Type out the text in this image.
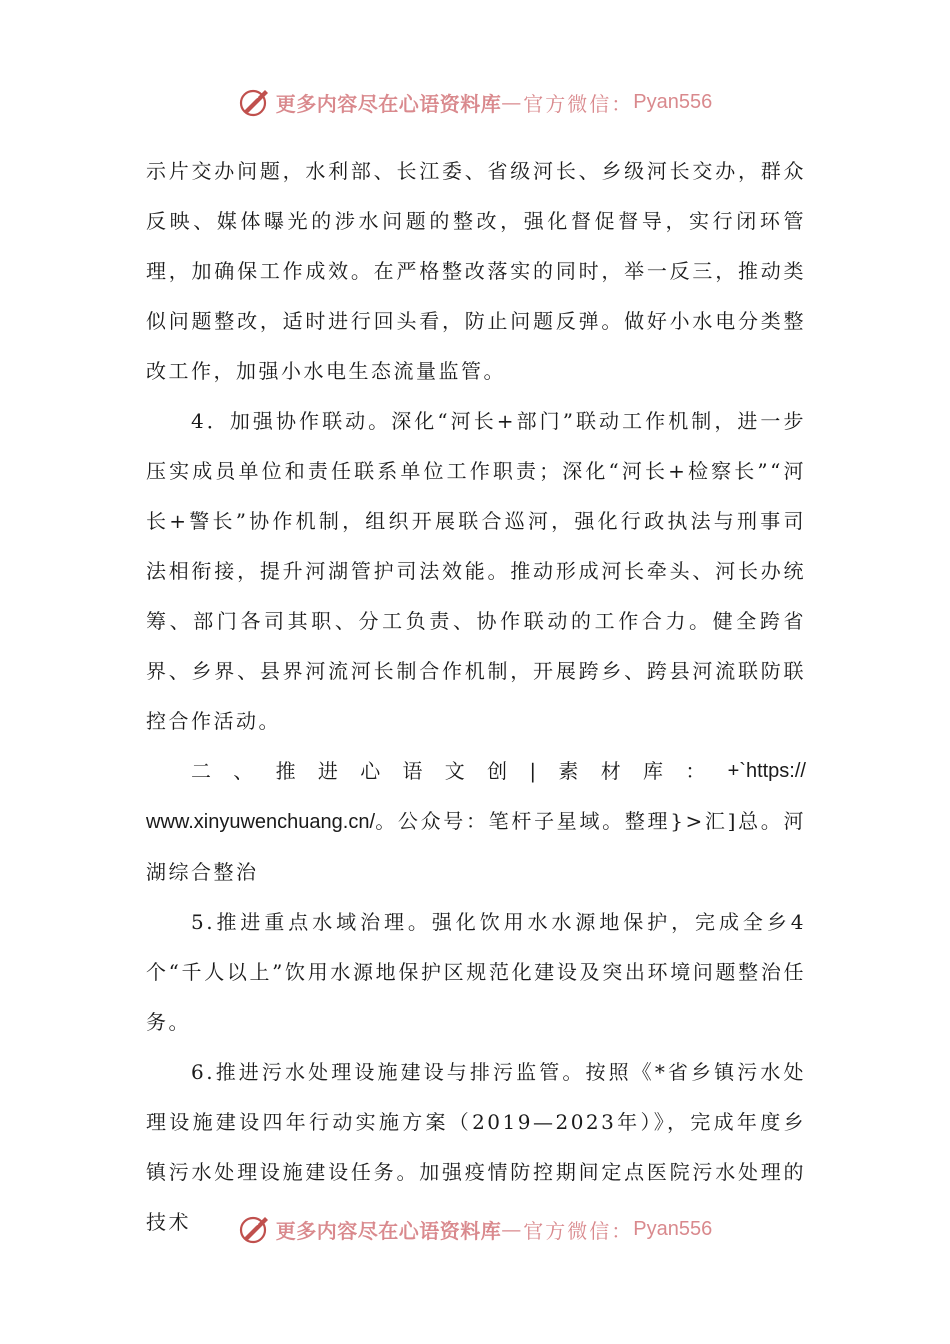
更多内容尽在心语资料库 — 官方微信： Pyan556

示片交办问题，水利部、长江委、省级河长、乡级河长交办，群众反映、媒体曝光的涉水问题的整改，强化督促督导，实行闭环管理，加确保工作成效。在严格整改落实的同时，举一反三，推动类似问题整改，适时进行回头看，防止问题反弹。做好小水电分类整改工作，加强小水电生态流量监管。

4．加强协作联动。深化“河长+部门”联动工作机制，进一步压实成员单位和责任联系单位工作职责；深化“河长+检察长”“河长+警长”协作机制，组织开展联合巡河，强化行政执法与刑事司法相衔接，提升河湖管护司法效能。推动形成河长牵头、河长办统筹、部门各司其职、分工负责、协作联动的工作合力。健全跨省界、乡界、县界河流河长制合作机制，开展跨乡、跨县河流联防联控合作活动。

二 、 推 进 心 语 文 创 | 素 材 库 ： +`https://

www.xinyuwenchuang.cn/。公众号：笔杆子星域。整理}>汇]总。河湖综合整治

5.推进重点水域治理。强化饮用水水源地保护，完成全乡4个“千人以上”饮用水源地保护区规范化建设及突出环境问题整治任务。

6.推进污水处理设施建设与排污监管。按照《*省乡镇污水处理设施建设四年行动实施方案（2019—2023年）》，完成年度乡镇污水处理设施建设任务。加强疫情防控期间定点医院污水处理的技术	更多内容尽在心语资料库 — 官方微信： Pyan556
